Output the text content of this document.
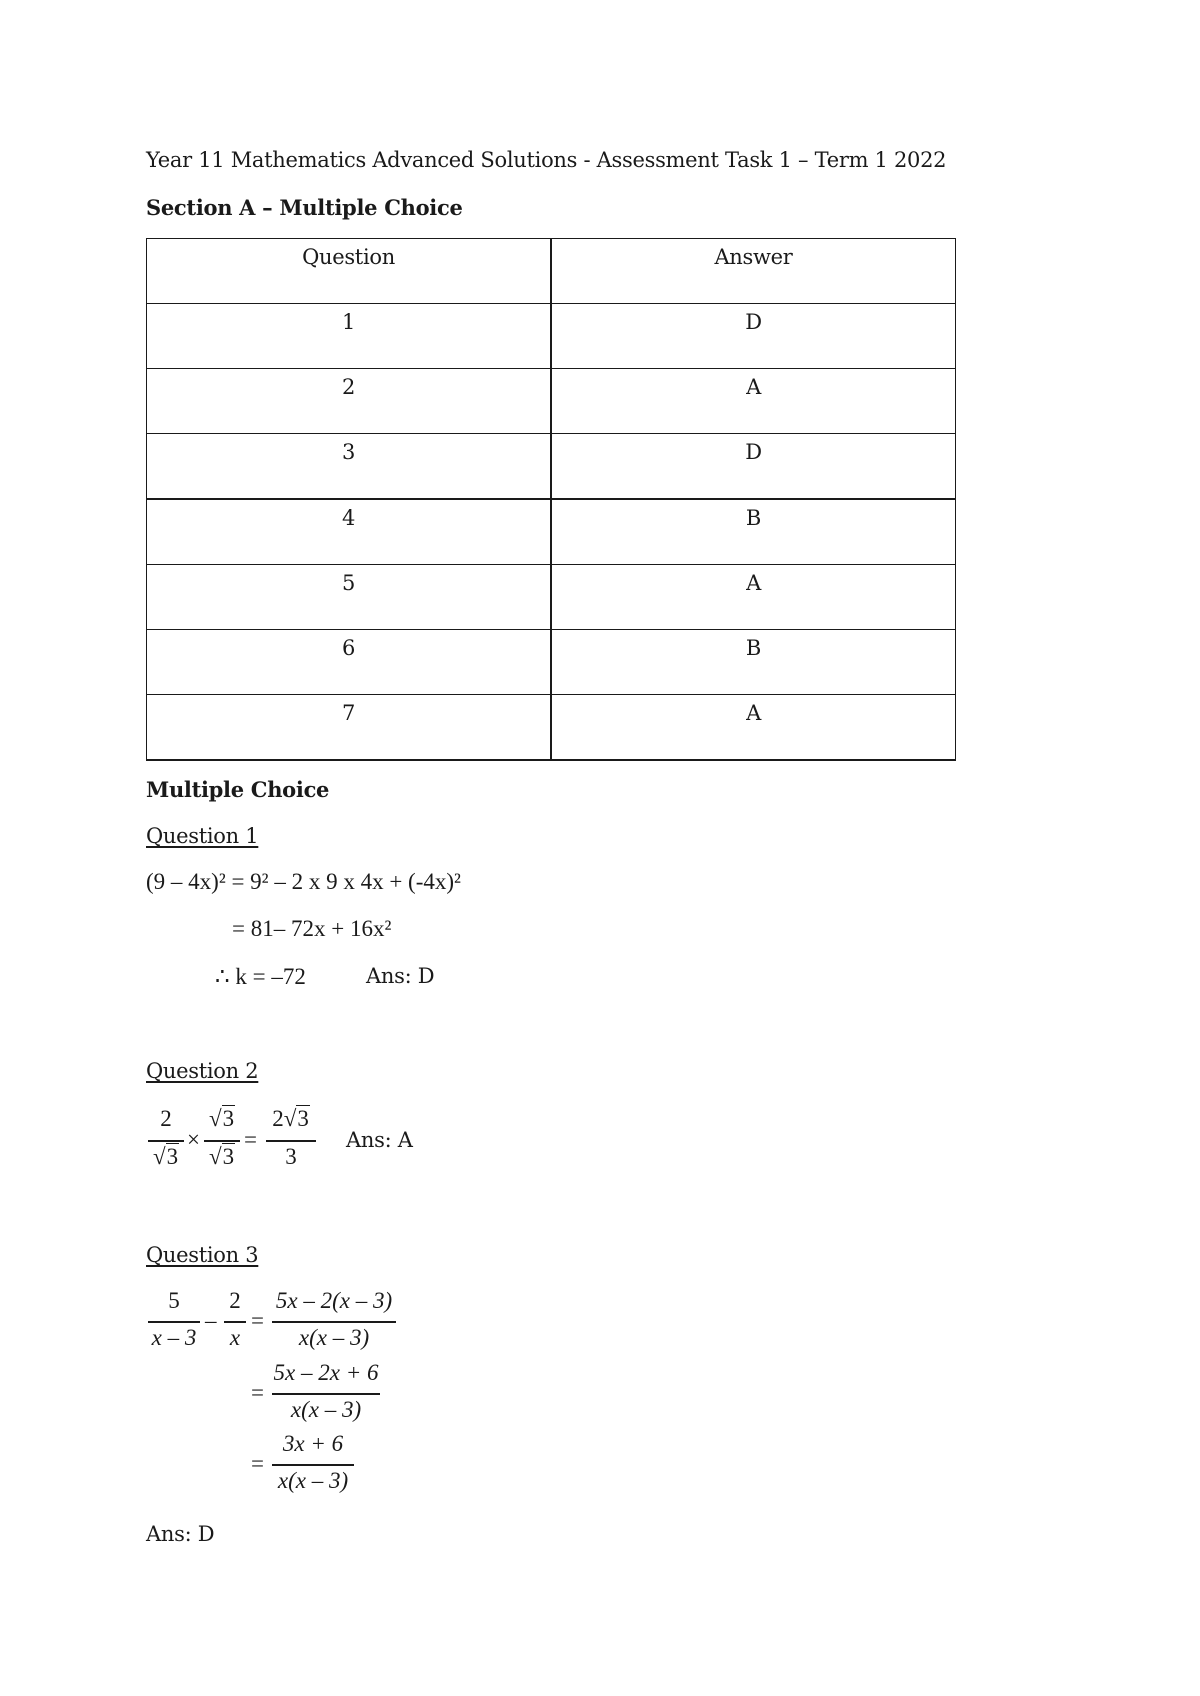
Year 11 Mathematics Advanced Solutions - Assessment Task 1 – Term 1 2022
Section A – Multiple Choice
Question	Answer
1	D
2	A
3	D
4	B
5	A
6	B
7	A
Multiple Choice
Question 1
(9 – 4x)² = 9² – 2 x 9 x 4x + (-4x)²
= 81– 72x + 16x²
∴ k = –72	Ans: D
Question 2
2
√3
×
√3
√3
=
2√3
3
Ans: A
Question 3
5
x – 3
–
2
x
=
5x – 2(x – 3)
x(x – 3)
=
5x – 2x + 6
x(x – 3)
=
3x + 6
x(x – 3)
Ans: D
